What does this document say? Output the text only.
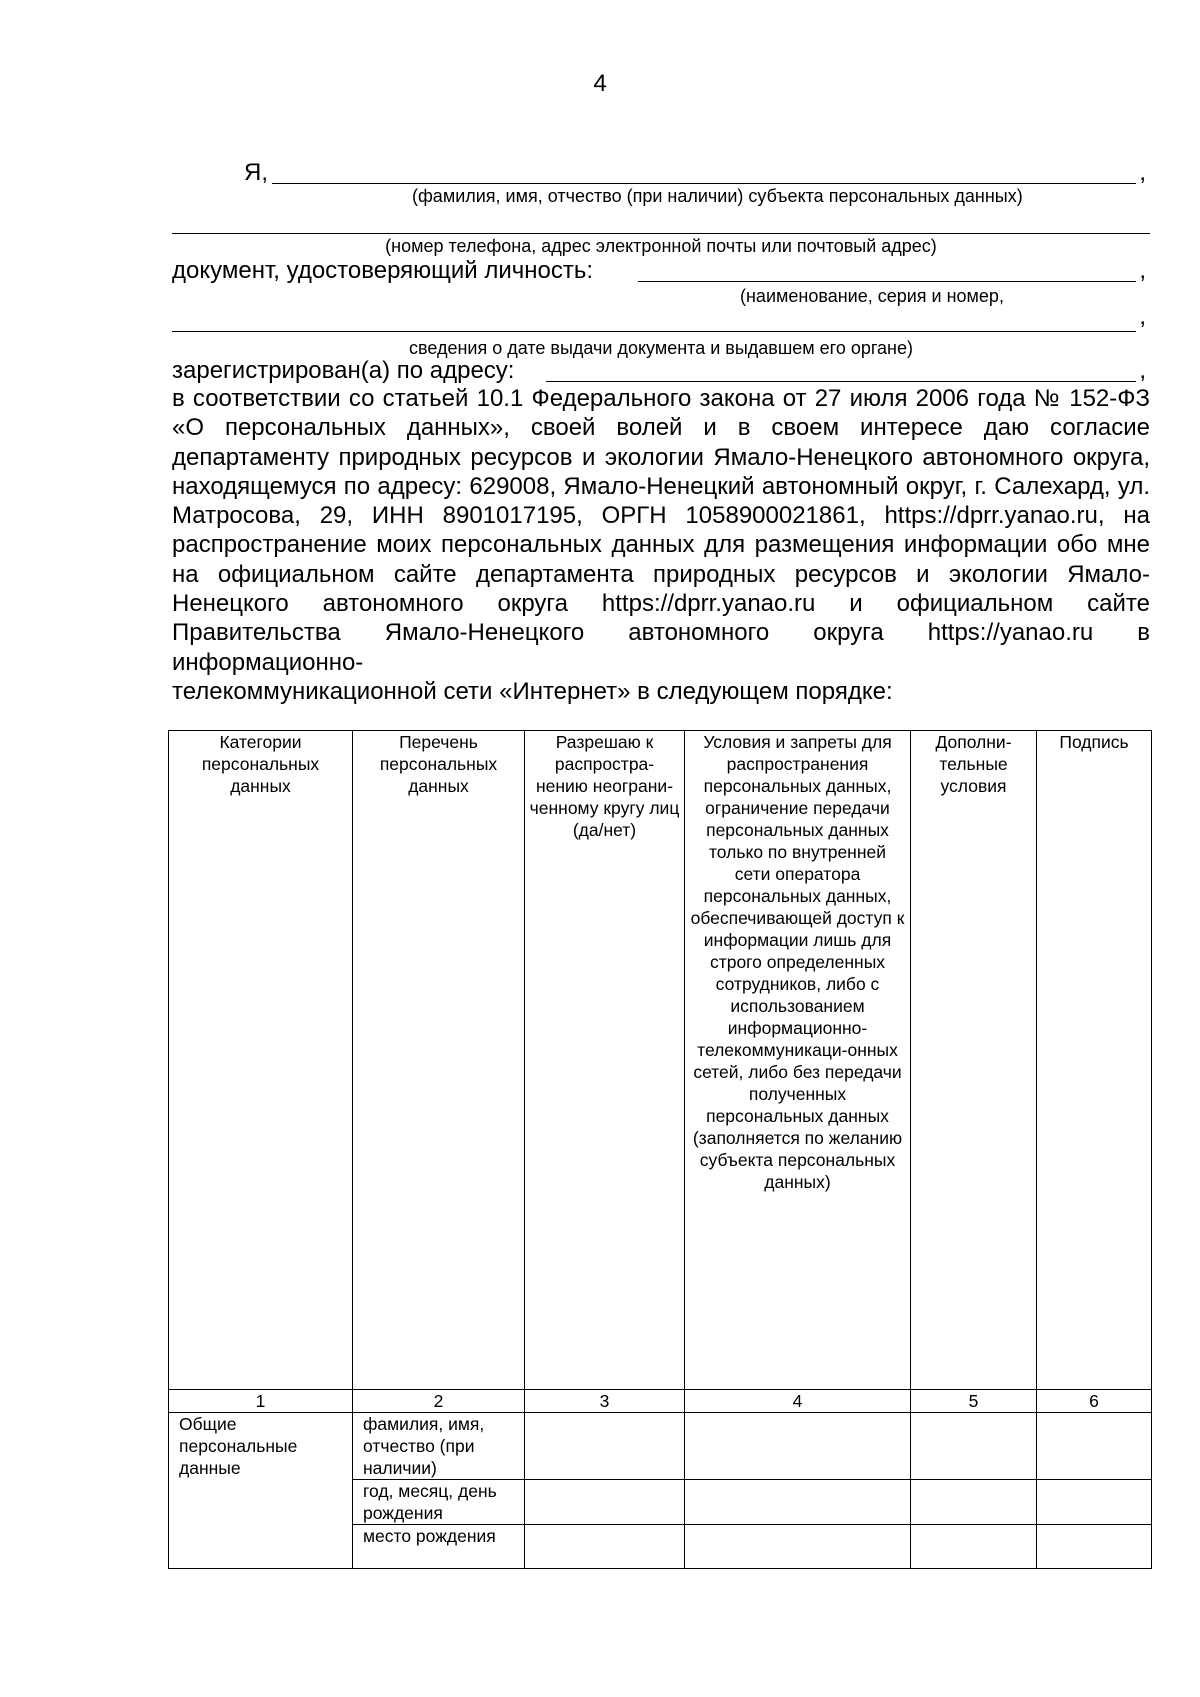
4
Я,	,
(фамилия, имя, отчество (при наличии) субъекта персональных данных)
(номер телефона, адрес электронной почты или почтовый адрес)
документ, удостоверяющий личность:	,
(наименование, серия и номер,
,
сведения о дате выдачи документа и выдавшем его органе)
зарегистрирован(а) по адресу:	,
в соответствии со статьей 10.1 Федерального закона от 27 июля 2006 года № 152-ФЗ «О персональных данных», своей волей и в своем интересе даю согласие департаменту природных ресурсов и экологии Ямало-Ненецкого автономного округа, находящемуся по адресу: 629008, Ямало-Ненецкий автономный округ, г. Салехард, ул. Матросова, 29, ИНН 8901017195, ОРГН 1058900021861, https://dprr.yanao.ru, на распространение моих персональных данных для размещения информации обо мне на официальном сайте департамента природных ресурсов и экологии Ямало-Ненецкого автономного округа https://dprr.yanao.ru и официальном сайте Правительства Ямало-Ненецкого автономного округа https://yanao.ru в информационно-
телекоммуникационной сети «Интернет» в следующем порядке:
Категории персональных данных	Перечень персональных данных	Разрешаю к распростра-нению неограни-ченному кругу лиц (да/нет)	Условия и запреты для распространения персональных данных, ограничение передачи персональных данных только по внутренней сети оператора персональных данных, обеспечивающей доступ к информации лишь для строго определенных сотрудников, либо с использованием информационно-телекоммуникаци-онных сетей, либо без передачи полученных персональных данных (заполняется по желанию субъекта персональных данных)	Дополни-тельные условия	Подпись
1	2	3	4	5	6
Общие персональные данные	фамилия, имя, отчество (при наличии)				
	год, месяц, день рождения				
	место рождения				
